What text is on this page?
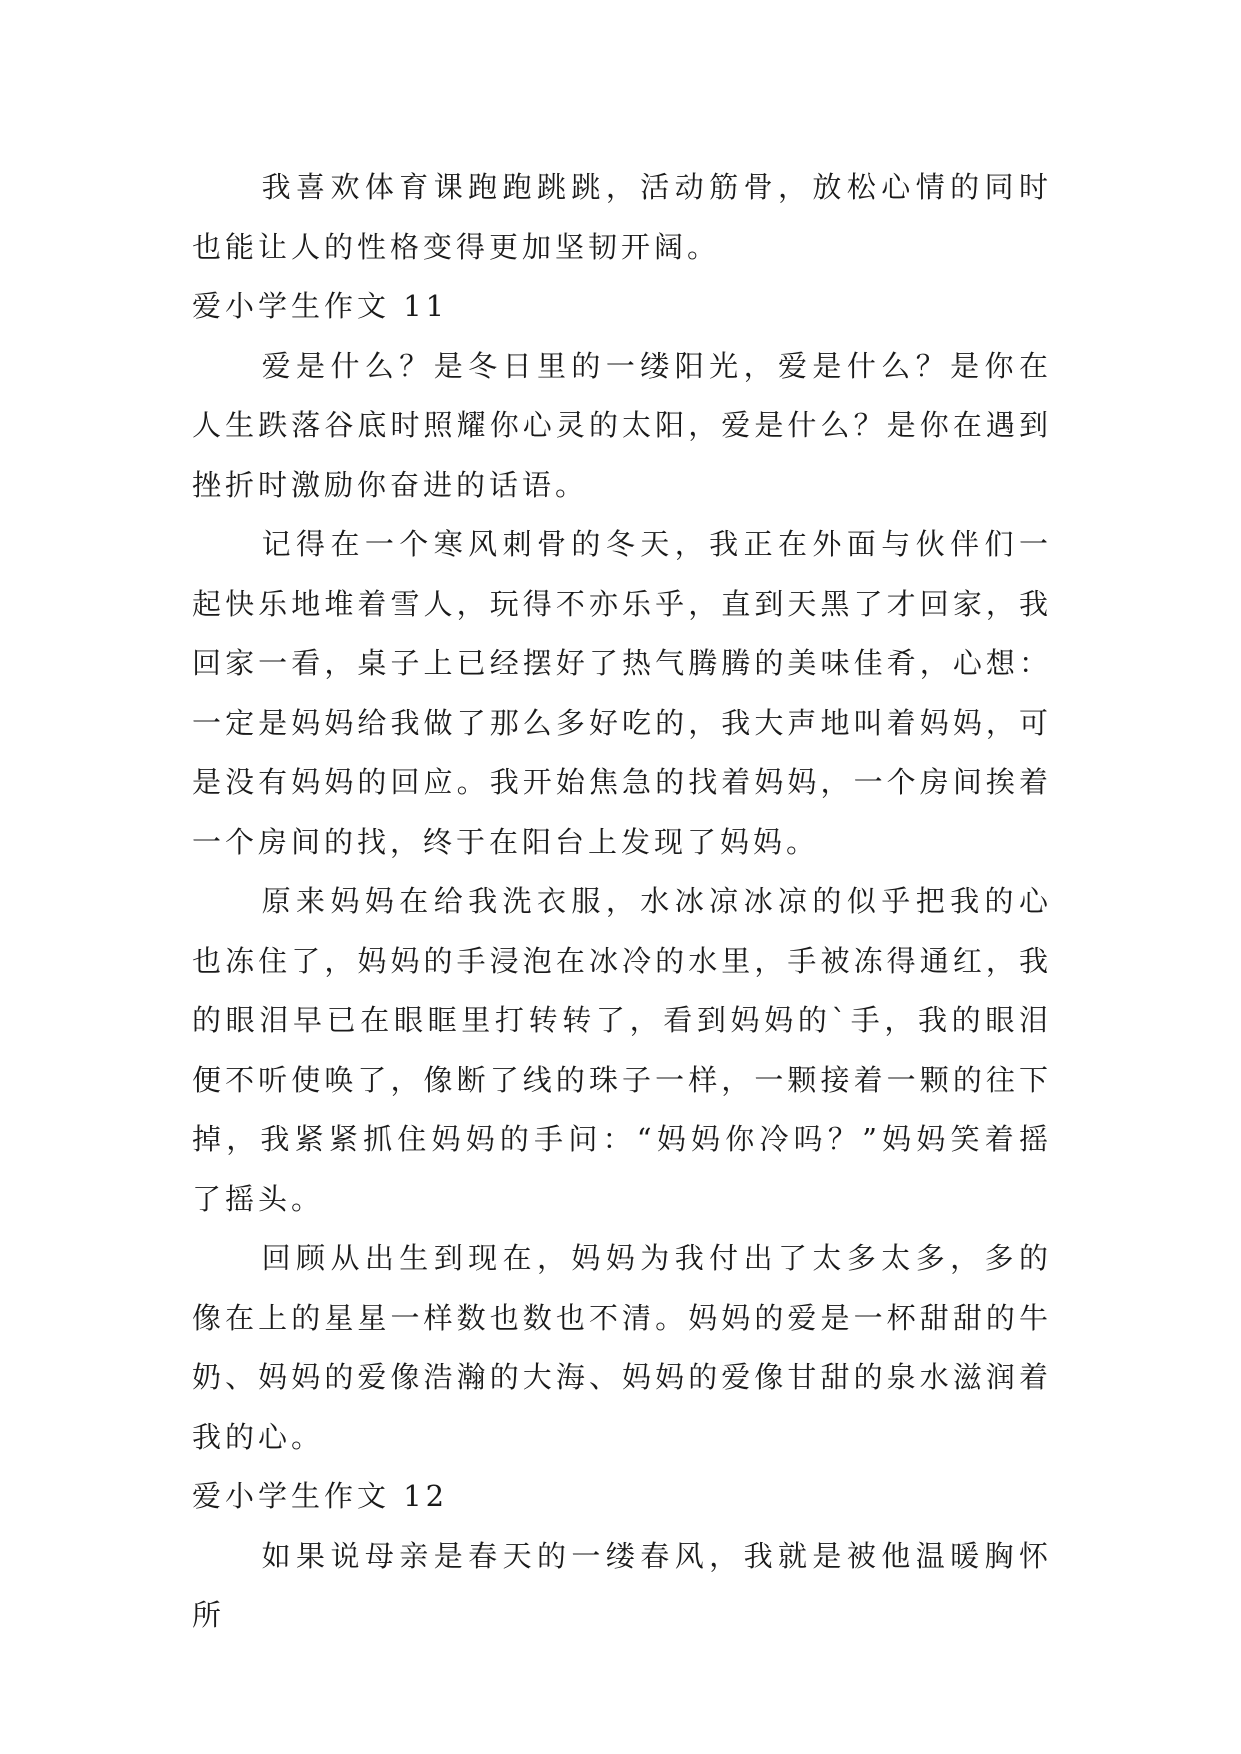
我喜欢体育课跑跑跳跳，活动筋骨，放松心情的同时也能让人的性格变得更加坚韧开阔。

爱小学生作文 11

爱是什么？是冬日里的一缕阳光，爱是什么？是你在人生跌落谷底时照耀你心灵的太阳，爱是什么？是你在遇到挫折时激励你奋进的话语。

记得在一个寒风刺骨的冬天，我正在外面与伙伴们一起快乐地堆着雪人，玩得不亦乐乎，直到天黑了才回家，我回家一看，桌子上已经摆好了热气腾腾的美味佳肴，心想：一定是妈妈给我做了那么多好吃的，我大声地叫着妈妈，可是没有妈妈的回应。我开始焦急的找着妈妈，一个房间挨着一个房间的找，终于在阳台上发现了妈妈。

原来妈妈在给我洗衣服，水冰凉冰凉的似乎把我的心也冻住了，妈妈的手浸泡在冰冷的水里，手被冻得通红，我的眼泪早已在眼眶里打转转了，看到妈妈的`手，我的眼泪便不听使唤了，像断了线的珠子一样，一颗接着一颗的往下掉，我紧紧抓住妈妈的手问：“妈妈你冷吗？”妈妈笑着摇了摇头。

回顾从出生到现在，妈妈为我付出了太多太多，多的像在上的星星一样数也数也不清。妈妈的爱是一杯甜甜的牛奶、妈妈的爱像浩瀚的大海、妈妈的爱像甘甜的泉水滋润着我的心。

爱小学生作文 12

如果说母亲是春天的一缕春风，我就是被他温暖胸怀所
